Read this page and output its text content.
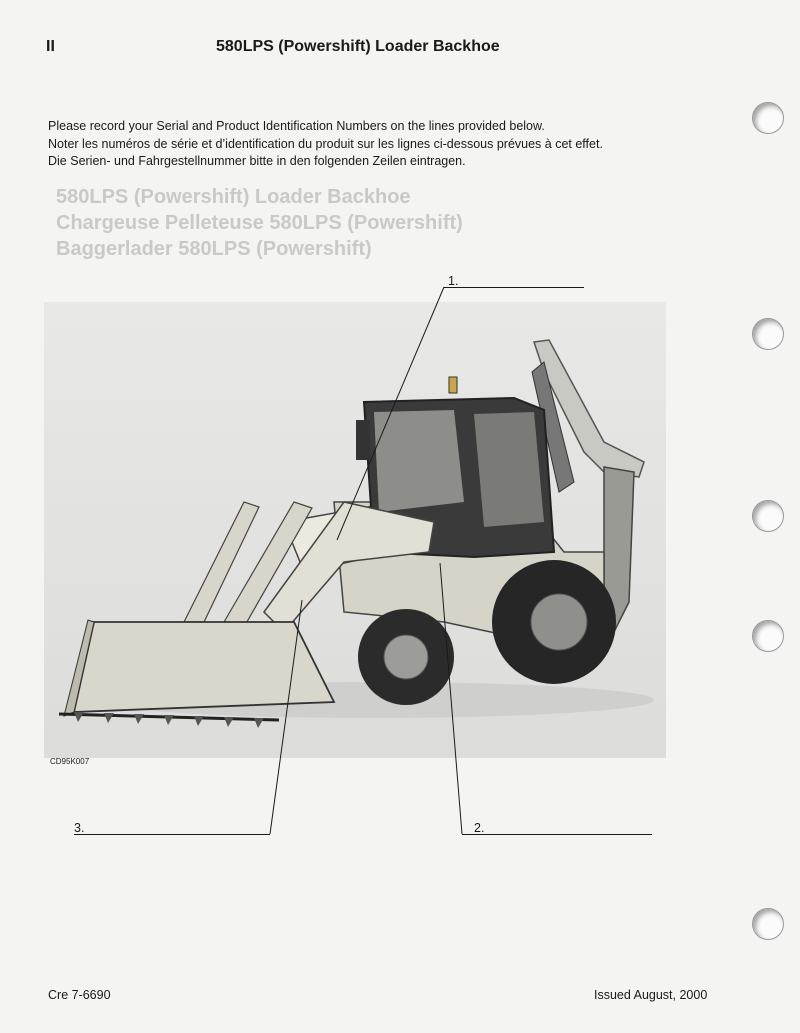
580LPS (Powershift) Loader Backhoe
Chargeuse Pelleteuse 580LPS (Powershift)
Baggerlader 580LPS (Powershift)
II	580LPS (Powershift) Loader Backhoe
Please record your Serial and Product Identification Numbers on the lines provided below.
Noter les numéros de série et d’identification du produit sur les lignes ci-dessous prévues à cet effet.
Die Serien- und Fahrgestellnummer bitte in den folgenden Zeilen eintragen.
CD95K007
1.
2.
3.
Cre 7-6690	Issued August, 2000
